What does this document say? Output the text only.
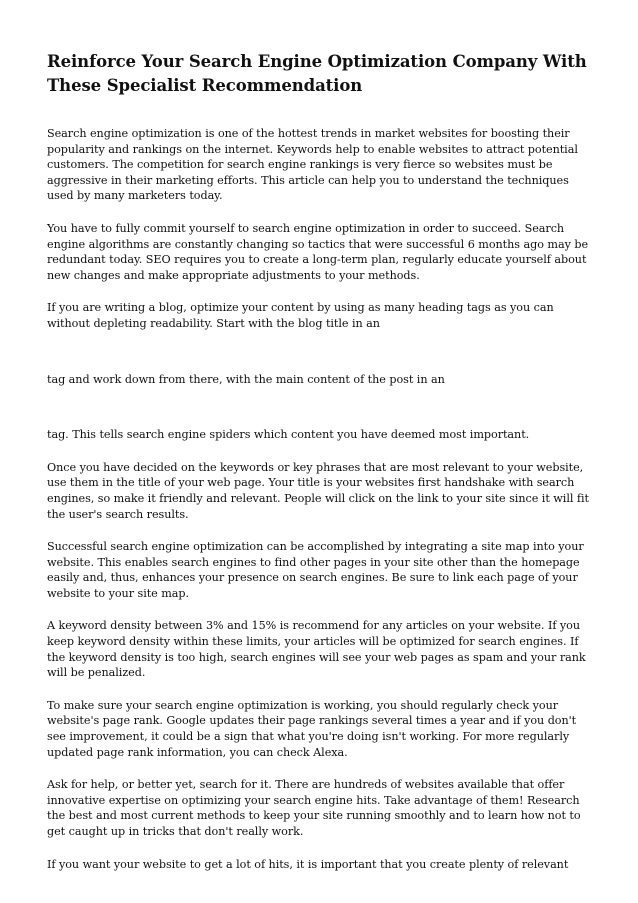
Reinforce Your Search Engine Optimization Company With These Specialist Recommendation

Search engine optimization is one of the hottest trends in market websites for boosting their popularity and rankings on the internet. Keywords help to enable websites to attract potential customers. The competition for search engine rankings is very fierce so websites must be aggressive in their marketing efforts. This article can help you to understand the techniques used by many marketers today.

You have to fully commit yourself to search engine optimization in order to succeed. Search engine algorithms are constantly changing so tactics that were successful 6 months ago may be redundant today. SEO requires you to create a long-term plan, regularly educate yourself about new changes and make appropriate adjustments to your methods.

If you are writing a blog, optimize your content by using as many heading tags as you can without depleting readability. Start with the blog title in an

tag and work down from there, with the main content of the post in an

tag. This tells search engine spiders which content you have deemed most important.

Once you have decided on the keywords or key phrases that are most relevant to your website, use them in the title of your web page. Your title is your websites first handshake with search engines, so make it friendly and relevant. People will click on the link to your site since it will fit the user's search results.

Successful search engine optimization can be accomplished by integrating a site map into your website. This enables search engines to find other pages in your site other than the homepage easily and, thus, enhances your presence on search engines. Be sure to link each page of your website to your site map.

A keyword density between 3% and 15% is recommend for any articles on your website. If you keep keyword density within these limits, your articles will be optimized for search engines. If the keyword density is too high, search engines will see your web pages as spam and your rank will be penalized.

To make sure your search engine optimization is working, you should regularly check your website's page rank. Google updates their page rankings several times a year and if you don't see improvement, it could be a sign that what you're doing isn't working. For more regularly updated page rank information, you can check Alexa.

Ask for help, or better yet, search for it. There are hundreds of websites available that offer innovative expertise on optimizing your search engine hits. Take advantage of them! Research the best and most current methods to keep your site running smoothly and to learn how not to get caught up in tricks that don't really work.

If you want your website to get a lot of hits, it is important that you create plenty of relevant
